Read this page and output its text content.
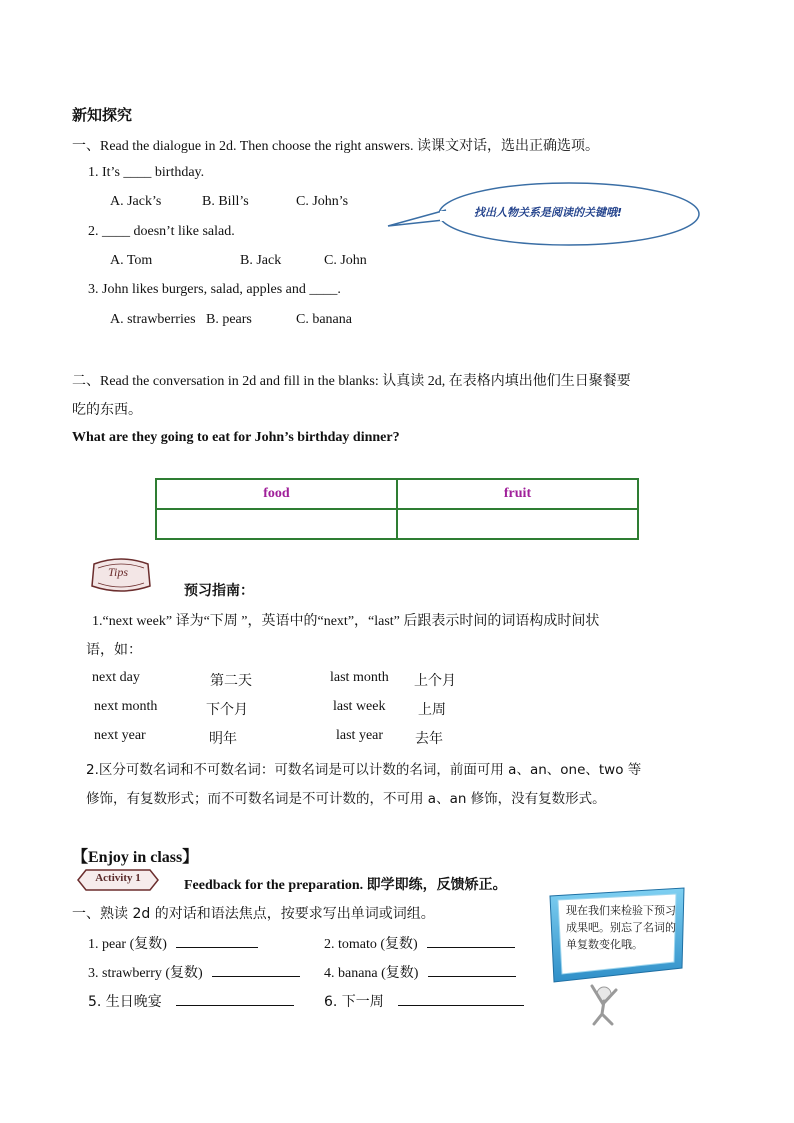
新知探究
一、Read the dialogue in 2d. Then choose the right answers. 读课文对话，选出正确选项。
1. It’s ____ birthday.
A. Jack’s	B. Bill’s	C. John’s
2. ____ doesn’t like salad.
A. Tom	B. Jack	C. John
3. John likes burgers, salad, apples and ____.
A. strawberries B. pears	C. banana
找出人物关系是阅读的关键哦!
二、Read the conversation in 2d and fill in the blanks: 认真读 2d, 在表格内填出他们生日聚餐要
吃的东西。
What are they going to eat for John’s birthday dinner?
food	fruit

Tips
预习指南：
1.“next week” 译为“下周 ”，英语中的“next”，“last” 后跟表示时间的词语构成时间状
语，如：
next day	第二天	last month 上个月
next month	下个月	last week 上周
next year	明年	last year 去年
2.区分可数名词和不可数名词：可数名词是可以计数的名词，前面可用 a、an、one、two 等
修饰，有复数形式；而不可数名词是不可计数的，不可用 a、an 修饰，没有复数形式。
【Enjoy in class】
Activity 1	Feedback for the preparation. 即学即练，反馈矫正。
一、熟读 2d 的对话和语法焦点，按要求写出单词或词组。
1. pear (复数)	2. tomato (复数)
3. strawberry (复数)	4. banana (复数)
5. 生日晚宴	6. 下一周
现在我们来检验下预习成果吧。别忘了名词的单复数变化哦。
